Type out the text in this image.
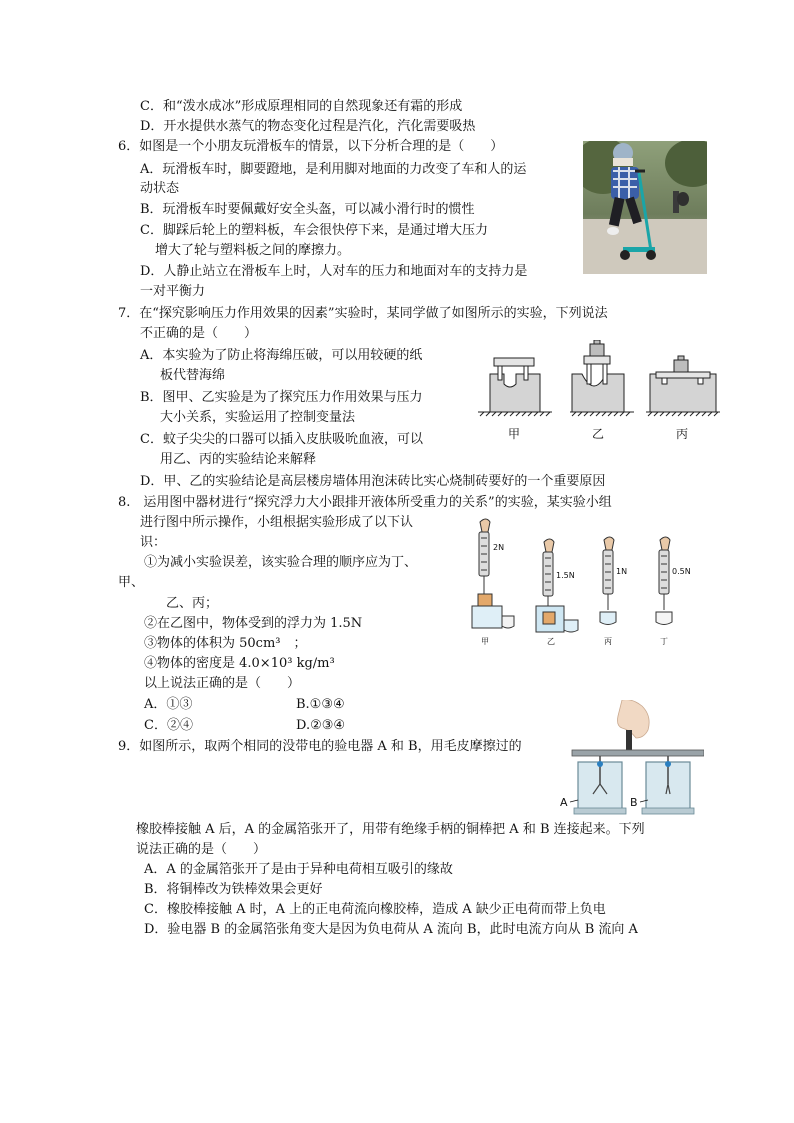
C．和“泼水成冰”形成原理相同的自然现象还有霜的形成
D．开水提供水蒸气的物态变化过程是汽化，汽化需要吸热
6．如图是一个小朋友玩滑板车的情景，以下分析合理的是（　　）
A．玩滑板车时，脚要蹬地，是利用脚对地面的力改变了车和人的运
动状态
B．玩滑板车时要佩戴好安全头盔，可以减小滑行时的惯性
C．脚踩后轮上的塑料板，车会很快停下来，是通过增大压力
增大了轮与塑料板之间的摩擦力。
D．人静止站立在滑板车上时，人对车的压力和地面对车的支持力是
一对平衡力
7．在“探究影响压力作用效果的因素”实验时，某同学做了如图所示的实验，下列说法
不正确的是（　　）
A．本实验为了防止将海绵压破，可以用较硬的纸
板代替海绵
B．图甲、乙实验是为了探究压力作用效果与压力
大小关系，实验运用了控制变量法
C．蚊子尖尖的口器可以插入皮肤吸吮血液，可以
用乙、丙的实验结论来解释
D．甲、乙的实验结论是高层楼房墙体用泡沫砖比实心烧制砖要好的一个重要原因
甲	乙	丙
8.　运用图中器材进行“探究浮力大小跟排开液体所受重力的关系”的实验，某实验小组
进行图中所示操作，小组根据实验形成了以下认
识：
①为减小实验误差，该实验合理的顺序应为丁、
甲、
乙、丙；
②在乙图中，物体受到的浮力为 1.5N
③物体的体积为 50cm³　；
④物体的密度是 4.0×10³ kg/m³
以上说法正确的是（　　）
A．①③	B.①③④
C．②④	D.②③④
2N
1.5N	1N	0.5N
甲	乙	丙	丁
9．如图所示，取两个相同的没带电的验电器 A 和 B，用毛皮摩擦过的
橡胶棒接触 A 后，A 的金属箔张开了，用带有绝缘手柄的铜棒把 A 和 B 连接起来。下列
说法正确的是（　　）
A．A 的金属箔张开了是由于异种电荷相互吸引的缘故
B．将铜棒改为铁棒效果会更好
C．橡胶棒接触 A 时，A 上的正电荷流向橡胶棒，造成 A 缺少正电荷而带上负电
D．验电器 B 的金属箔张角变大是因为负电荷从 A 流向 B，此时电流方向从 B 流向 A
A	B
